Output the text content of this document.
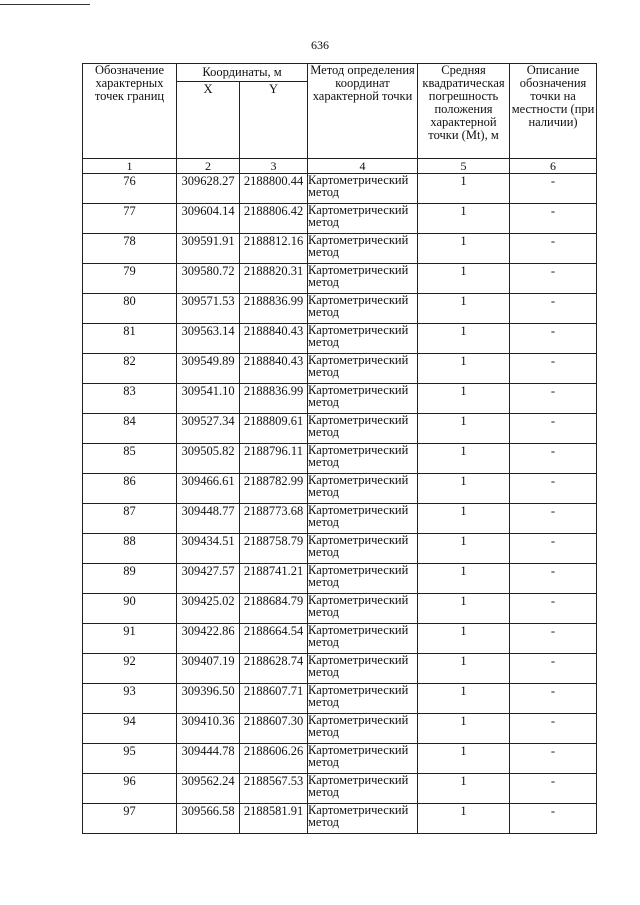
636
Обозначение характерных точек границ	Координаты, м		Метод определения координат характерной точки	Средняя квадратическая погрешность положения характерной точки (Mt), м	Описание обозначения точки на местности (при наличии)
	X	Y			
1	2	3	4	5	6
76	309628.27	2188800.44	Картометрический метод	1	-
77	309604.14	2188806.42	Картометрический метод	1	-
78	309591.91	2188812.16	Картометрический метод	1	-
79	309580.72	2188820.31	Картометрический метод	1	-
80	309571.53	2188836.99	Картометрический метод	1	-
81	309563.14	2188840.43	Картометрический метод	1	-
82	309549.89	2188840.43	Картометрический метод	1	-
83	309541.10	2188836.99	Картометрический метод	1	-
84	309527.34	2188809.61	Картометрический метод	1	-
85	309505.82	2188796.11	Картометрический метод	1	-
86	309466.61	2188782.99	Картометрический метод	1	-
87	309448.77	2188773.68	Картометрический метод	1	-
88	309434.51	2188758.79	Картометрический метод	1	-
89	309427.57	2188741.21	Картометрический метод	1	-
90	309425.02	2188684.79	Картометрический метод	1	-
91	309422.86	2188664.54	Картометрический метод	1	-
92	309407.19	2188628.74	Картометрический метод	1	-
93	309396.50	2188607.71	Картометрический метод	1	-
94	309410.36	2188607.30	Картометрический метод	1	-
95	309444.78	2188606.26	Картометрический метод	1	-
96	309562.24	2188567.53	Картометрический метод	1	-
97	309566.58	2188581.91	Картометрический метод	1	-
